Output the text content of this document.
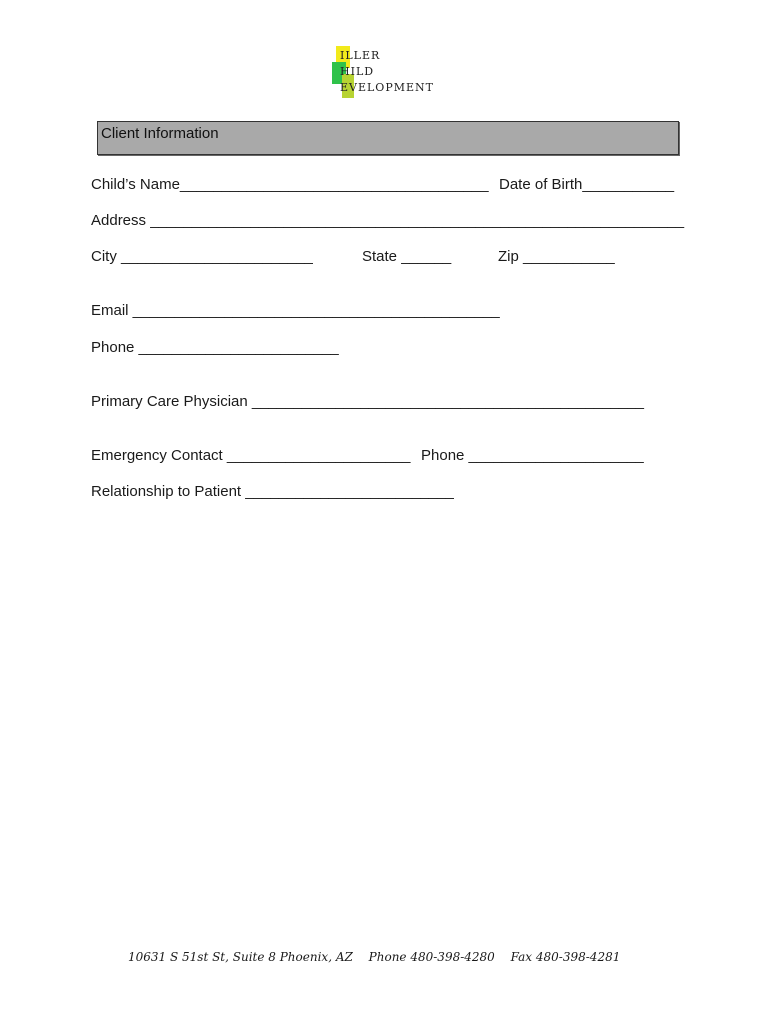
ILLER
HILD
EVELOPMENT
Client Information
Child’s Name_____________________________________ Date of Birth___________
Address ________________________________________________________________
City _______________________	State ______	Zip ___________
Email ____________________________________________
Phone ________________________
Primary Care Physician _______________________________________________
Emergency Contact ______________________ Phone _____________________
Relationship to Patient _________________________
10631 S 51st St, Suite 8 Phoenix, AZ Phone 480-398-4280 Fax 480-398-4281
